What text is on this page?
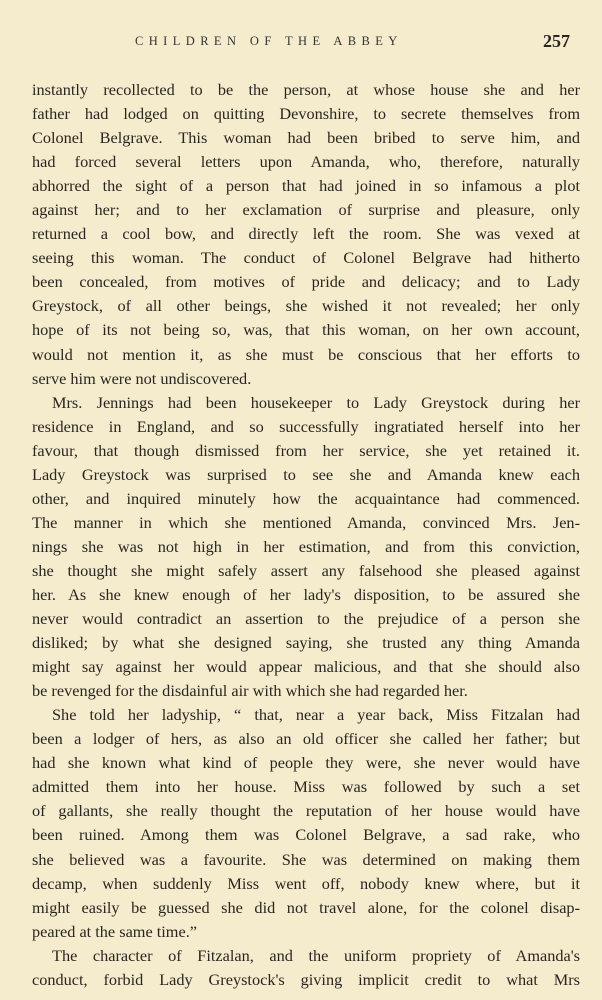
CHILDREN OF THE ABBEY	257
instantly recollected to be the person, at whose house she and her
father had lodged on quitting Devonshire, to secrete themselves from
Colonel Belgrave. This woman had been bribed to serve him, and
had forced several letters upon Amanda, who, therefore, naturally
abhorred the sight of a person that had joined in so infamous a plot
against her; and to her exclamation of surprise and pleasure, only
returned a cool bow, and directly left the room. She was vexed at
seeing this woman. The conduct of Colonel Belgrave had hitherto
been concealed, from motives of pride and delicacy; and to Lady
Greystock, of all other beings, she wished it not revealed; her only
hope of its not being so, was, that this woman, on her own account,
would not mention it, as she must be conscious that her efforts to
serve him were not undiscovered.
Mrs. Jennings had been housekeeper to Lady Greystock during her
residence in England, and so successfully ingratiated herself into her
favour, that though dismissed from her service, she yet retained it.
Lady Greystock was surprised to see she and Amanda knew each
other, and inquired minutely how the acquaintance had commenced.
The manner in which she mentioned Amanda, convinced Mrs. Jen-
nings she was not high in her estimation, and from this conviction,
she thought she might safely assert any falsehood she pleased against
her. As she knew enough of her lady's disposition, to be assured she
never would contradict an assertion to the prejudice of a person she
disliked; by what she designed saying, she trusted any thing Amanda
might say against her would appear malicious, and that she should also
be revenged for the disdainful air with which she had regarded her.
She told her ladyship, “ that, near a year back, Miss Fitzalan had
been a lodger of hers, as also an old officer she called her father; but
had she known what kind of people they were, she never would have
admitted them into her house. Miss was followed by such a set
of gallants, she really thought the reputation of her house would have
been ruined. Among them was Colonel Belgrave, a sad rake, who
she believed was a favourite. She was determined on making them
decamp, when suddenly Miss went off, nobody knew where, but it
might easily be guessed she did not travel alone, for the colonel disap-
peared at the same time.”
The character of Fitzalan, and the uniform propriety of Amanda's
conduct, forbid Lady Greystock's giving implicit credit to what Mrs
